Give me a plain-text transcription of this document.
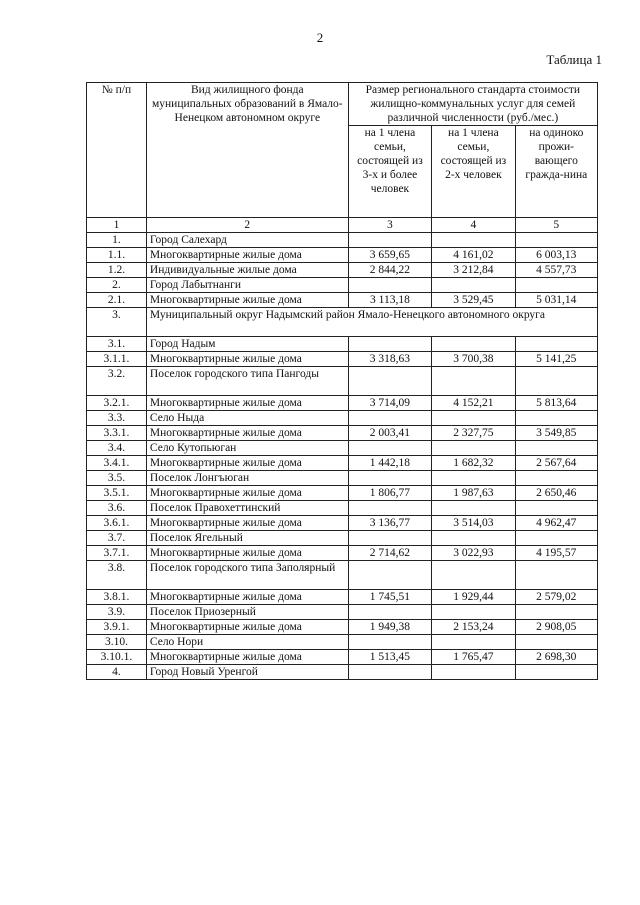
2
Таблица 1
№ п/п	Вид жилищного фонда муниципальных образований в Ямало-Ненецком автономном округе	Размер регионального стандарта стоимости жилищно-коммунальных услуг для семей различной численности (руб./мес.)		
		на 1 члена семьи, состоящей из 3-х и более человек	на 1 члена семьи, состоящей из 2-х человек	на одиноко прожи-вающего гражда-нина
1	2	3	4	5
1.	Город Салехард			
1.1.	Многоквартирные жилые дома	3 659,65	4 161,02	6 003,13
1.2.	Индивидуальные жилые дома	2 844,22	3 212,84	4 557,73
2.	Город Лабытнанги			
2.1.	Многоквартирные жилые дома	3 113,18	3 529,45	5 031,14
3.	Муниципальный округ Надымский район Ямало-Ненецкого автономного округа			
3.1.	Город Надым			
3.1.1.	Многоквартирные жилые дома	3 318,63	3 700,38	5 141,25
3.2.	Поселок городского типа Пангоды			
3.2.1.	Многоквартирные жилые дома	3 714,09	4 152,21	5 813,64
3.3.	Село Ныда			
3.3.1.	Многоквартирные жилые дома	2 003,41	2 327,75	3 549,85
3.4.	Село Кутопьюган			
3.4.1.	Многоквартирные жилые дома	1 442,18	1 682,32	2 567,64
3.5.	Поселок Лонгъюган			
3.5.1.	Многоквартирные жилые дома	1 806,77	1 987,63	2 650,46
3.6.	Поселок Правохеттинский			
3.6.1.	Многоквартирные жилые дома	3 136,77	3 514,03	4 962,47
3.7.	Поселок Ягельный			
3.7.1.	Многоквартирные жилые дома	2 714,62	3 022,93	4 195,57
3.8.	Поселок городского типа Заполярный			
3.8.1.	Многоквартирные жилые дома	1 745,51	1 929,44	2 579,02
3.9.	Поселок Приозерный			
3.9.1.	Многоквартирные жилые дома	1 949,38	2 153,24	2 908,05
3.10.	Село Нори			
3.10.1.	Многоквартирные жилые дома	1 513,45	1 765,47	2 698,30
4.	Город Новый Уренгой			
